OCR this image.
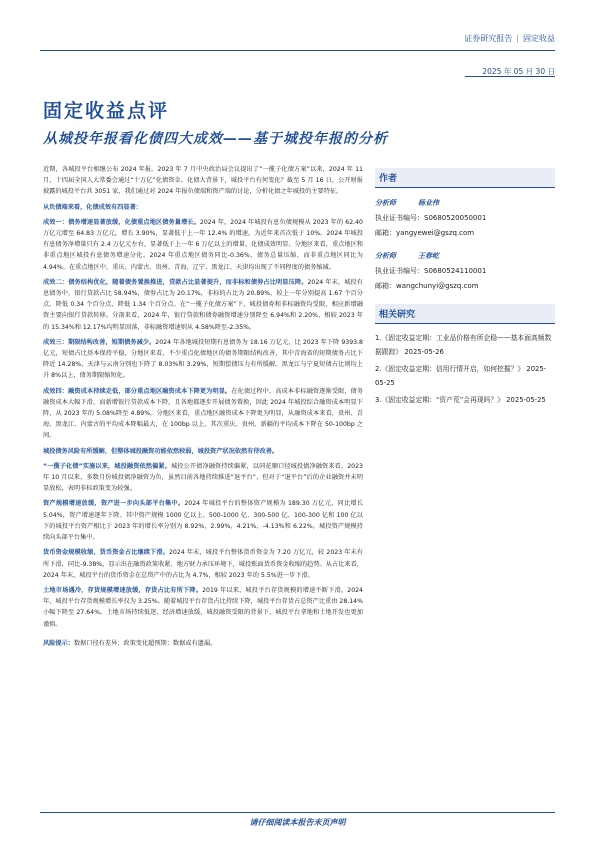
证券研究报告 | 固定收益
2025 年 05 月 30 日
固定收益点评
从城投年报看化债四大成效——基于城投年报的分析

近期，各城投平台相继公布 2024 年报。2023 年 7 月中央政治局会议提出了“一揽子化债方案”以来，2024 年 11 月，十四届全国人大常委会通过“十万亿”化债资金。化债大背景下，城投平台有何变化？截至 5 月 16 日，公开财报披露的城投平台共 3051 家，我们通过对 2024 年报负债端和资产端的讨论，分析化债之年城投的主要特征。

从负债端来看，化债成效有四显著：

成效一：债务增速显著放缓，化债重点地区债务量增长。2024 年，2024 年城投有息负债规模从 2023 年的 62.40 万亿元增至 64.83 万亿元，增长 3.90%，显著低于上一年 12.4% 的增速，为近年来首次低于 10%。2024 年城投有息债务净增量只有 2.4 万亿元左右，显著低于上一年 6 万亿以上的增量，化债成效明显。分地区来看，重点地区和非重点地区城投有息债务增速分化。2024 年重点地区债务同比-0.36%，债务总量压缩，而非重点地区同比为 4.94%。在重点地区中，重庆、内蒙古、贵州、青海、辽宁、黑龙江、天津均出现了不同程度的债务缩减。

成效二：债务结构优化，随着债务置换推进，贷款占比显著提升，而非标和债券占比明显压降。2024 年末，城投有息债务中，银行贷款占比 58.94%，债券占比为 20.17%，非标的占比为 20.89%，较上一年分别提高 1.67 个百分点、降低 0.34 个百分点、降低 1.34 个百分点。在“一揽子化债方案”下，城投债券和非标融资均受限，相应新增融资主要向银行贷款转移。分剖来看，2024 年，银行贷款和债券融资增速分别降至 6.94%和 2.20%，相较 2023 年的 15.34%和 12.17%均明显回落，非标融资增速则从 4.58%降至-2.35%。

成效三：期限结构改善，短期债务减少。2024 年各地城投短期有息债务为 18.16 万亿元，比 2023 年下降 9393.8 亿元，短债占比基本保持平稳，分地区来看，不少重点化债地区的债务期限结构改善，其中青海省的短期债务占比下降近 14.28%，天津与云南分别也下降了 8.03%和 3.29%，短期偿债压力有所缓解。黑龙江与宁夏短债占比则均上升 8%以上，债务期限缩短化。

成效四：融资成本持续走低，部分重点地区融资成本下降更为明显。在化债过程中，高成本非标融资逐渐受限，债务融资成本大幅下滑，而新增银行贷款成本下降，且各地都逐步开展债务置换，因此 2024 年城投综合融资成本明显下降，从 2023 年的 5.08%降至 4.89%。分地区来看，重点地区融资成本下降更为明显，从融资成本来看，贵州、青海、黑龙江、内蒙古的平均成本降幅最大，在 100bp 以上，其次重庆、贵州、新疆的平均成本下降在 50-100bp 之间。

城投债务风险有所缓解，但整体城投融资功能依然较弱，城投资产状况依然有待改善。

“一揽子化债”实施以来，城投融资依然偏紧。城投公开债净融资持续偏紧，以同花顺口径城投债净融资来看，2023 年 10 月以来，多数月份城投债净融资为负，虽然目前各地持续推进“退平台”，但对于“退平台”后的企业融资并未明显放松，表明非标政策变为较强。

资产规模增速放缓，资产进一步向头部平台集中。2024 年城投平台的整体资产规模为 189.30 万亿元，同比增长 5.04%，资产增速逐年下降。其中资产规模 1000 亿以上、500-1000 亿、300-500 亿、100-300 亿和 100 亿以下的城投平台资产相比于 2023 年的增长率分别为 8.92%、2.99%、4.21%、-4.13%和 6.22%，城投资产规模持续向头部平台集中。

货币资金规模收缩，货币资金占比继续下滑。2024 年末，城投平台整体货币资金为 7.20 万亿元，较 2023 年末有所下滑，同比-9.38%，显示出在融资政策收紧、地方财力承压环境下，城投账面货币资金收缩的趋势。从占比来看，2024 年末，城投平台的货币资金在总资产中的占比为 4.7%，相较 2023 年的 5.5%进一步下滑。

土地市场遇冷，存货规模增速放缓，存货占比有所下降。2019 年以来，城投平台存货规模的增速不断下滑。2024 年，城投平台存货规模增长率仅为 3.25%。随着城投平台存货占比持续下降，城投平台存货占总资产比重由 28.14%小幅下降至 27.64%。土地市场持续低迷、经济增速放缓、城投融资受限的背景下，城投平台拿地和土地开发也更加谨慎。

风险提示：数据口径有差异；政策变化超预期；数据或有遗漏。

作者
分析师	杨业伟
执业证书编号：S0680520050001
邮箱：yangyewei@gszq.com
分析师	王春屹
执业证书编号：S0680524110001
邮箱：wangchunyi@gszq.com
相关研究
1.《固定收益定期：工业品价格有所企稳——基本面高频数据跟踪》 2025-05-26
2.《固定收益定期：信用行情开启，如何挖掘？》 2025-05-25
3.《固定收益定期：“资产荒”会再现吗？》 2025-05-25
请仔细阅读本报告末页声明
